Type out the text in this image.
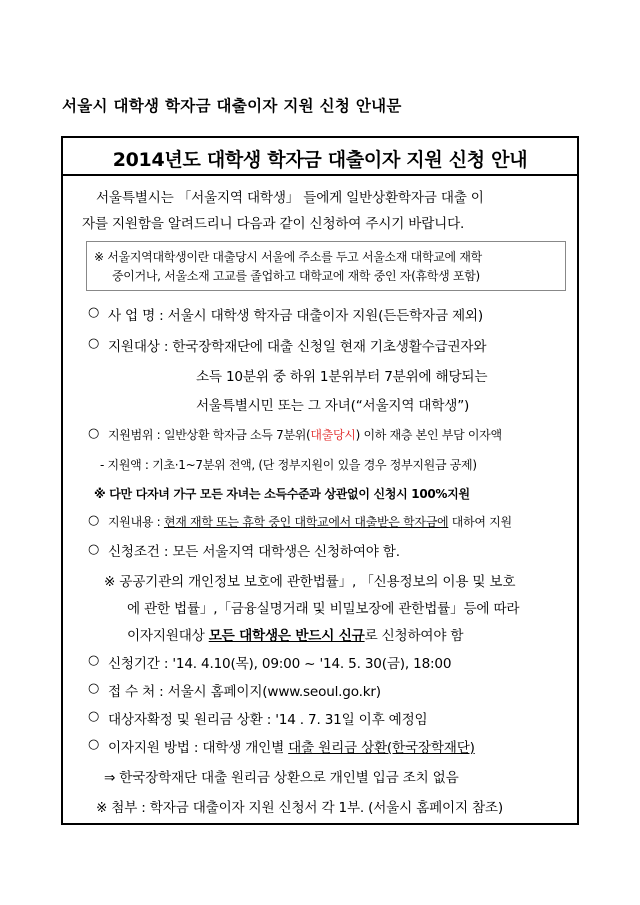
서울시 대학생 학자금 대출이자 지원 신청 안내문
2014년도 대학생 학자금 대출이자 지원 신청 안내
서울특별시는 「서울지역 대학생」 들에게 일반상환학자금 대출 이
자를 지원함을 알려드리니 다음과 같이 신청하여 주시기 바랍니다.
※ 서울지역대학생이란 대출당시 서울에 주소를 두고 서울소재 대학교에 재학
중이거나, 서울소재 고교를 졸업하고 대학교에 재학 중인 자(휴학생 포함)
○ 사 업 명 : 서울시 대학생 학자금 대출이자 지원(든든학자금 제외)
○ 지원대상 : 한국장학재단에 대출 신청일 현재 기초생활수급권자와
소득 10분위 중 하위 1분위부터 7분위에 해당되는
서울특별시민 또는 그 자녀(“서울지역 대학생”)
○ 지원범위 : 일반상환 학자금 소득 7분위(대출당시) 이하 재층 본인 부담 이자액
- 지원액 : 기초·1~7분위 전액, (단 정부지원이 있을 경우 정부지원금 공제)
※ 다만 다자녀 가구 모든 자녀는 소득수준과 상관없이 신청시 100%지원
○ 지원내용 : 현재 재학 또는 휴학 중인 대학교에서 대출받은 학자금에 대하여 지원
○ 신청조건 : 모든 서울지역 대학생은 신청하여야 함.
※ 공공기관의 개인정보 보호에 관한법률」, 「신용정보의 이용 및 보호
에 관한 법률」,「금융실명거래 및 비밀보장에 관한법률」등에 따라
이자지원대상 모든 대학생은 반드시 신규로 신청하여야 함
○ 신청기간 : '14. 4.10(목), 09:00 ~ '14. 5. 30(금), 18:00
○ 접 수 처 : 서울시 홈페이지(www.seoul.go.kr)
○ 대상자확정 및 원리금 상환 : '14 . 7. 31일 이후 예정임
○ 이자지원 방법 : 대학생 개인별 대출 원리금 상환(한국장학재단)
⇒ 한국장학재단 대출 원리금 상환으로 개인별 입금 조치 없음
※ 첨부 : 학자금 대출이자 지원 신청서 각 1부. (서울시 홈페이지 참조)
